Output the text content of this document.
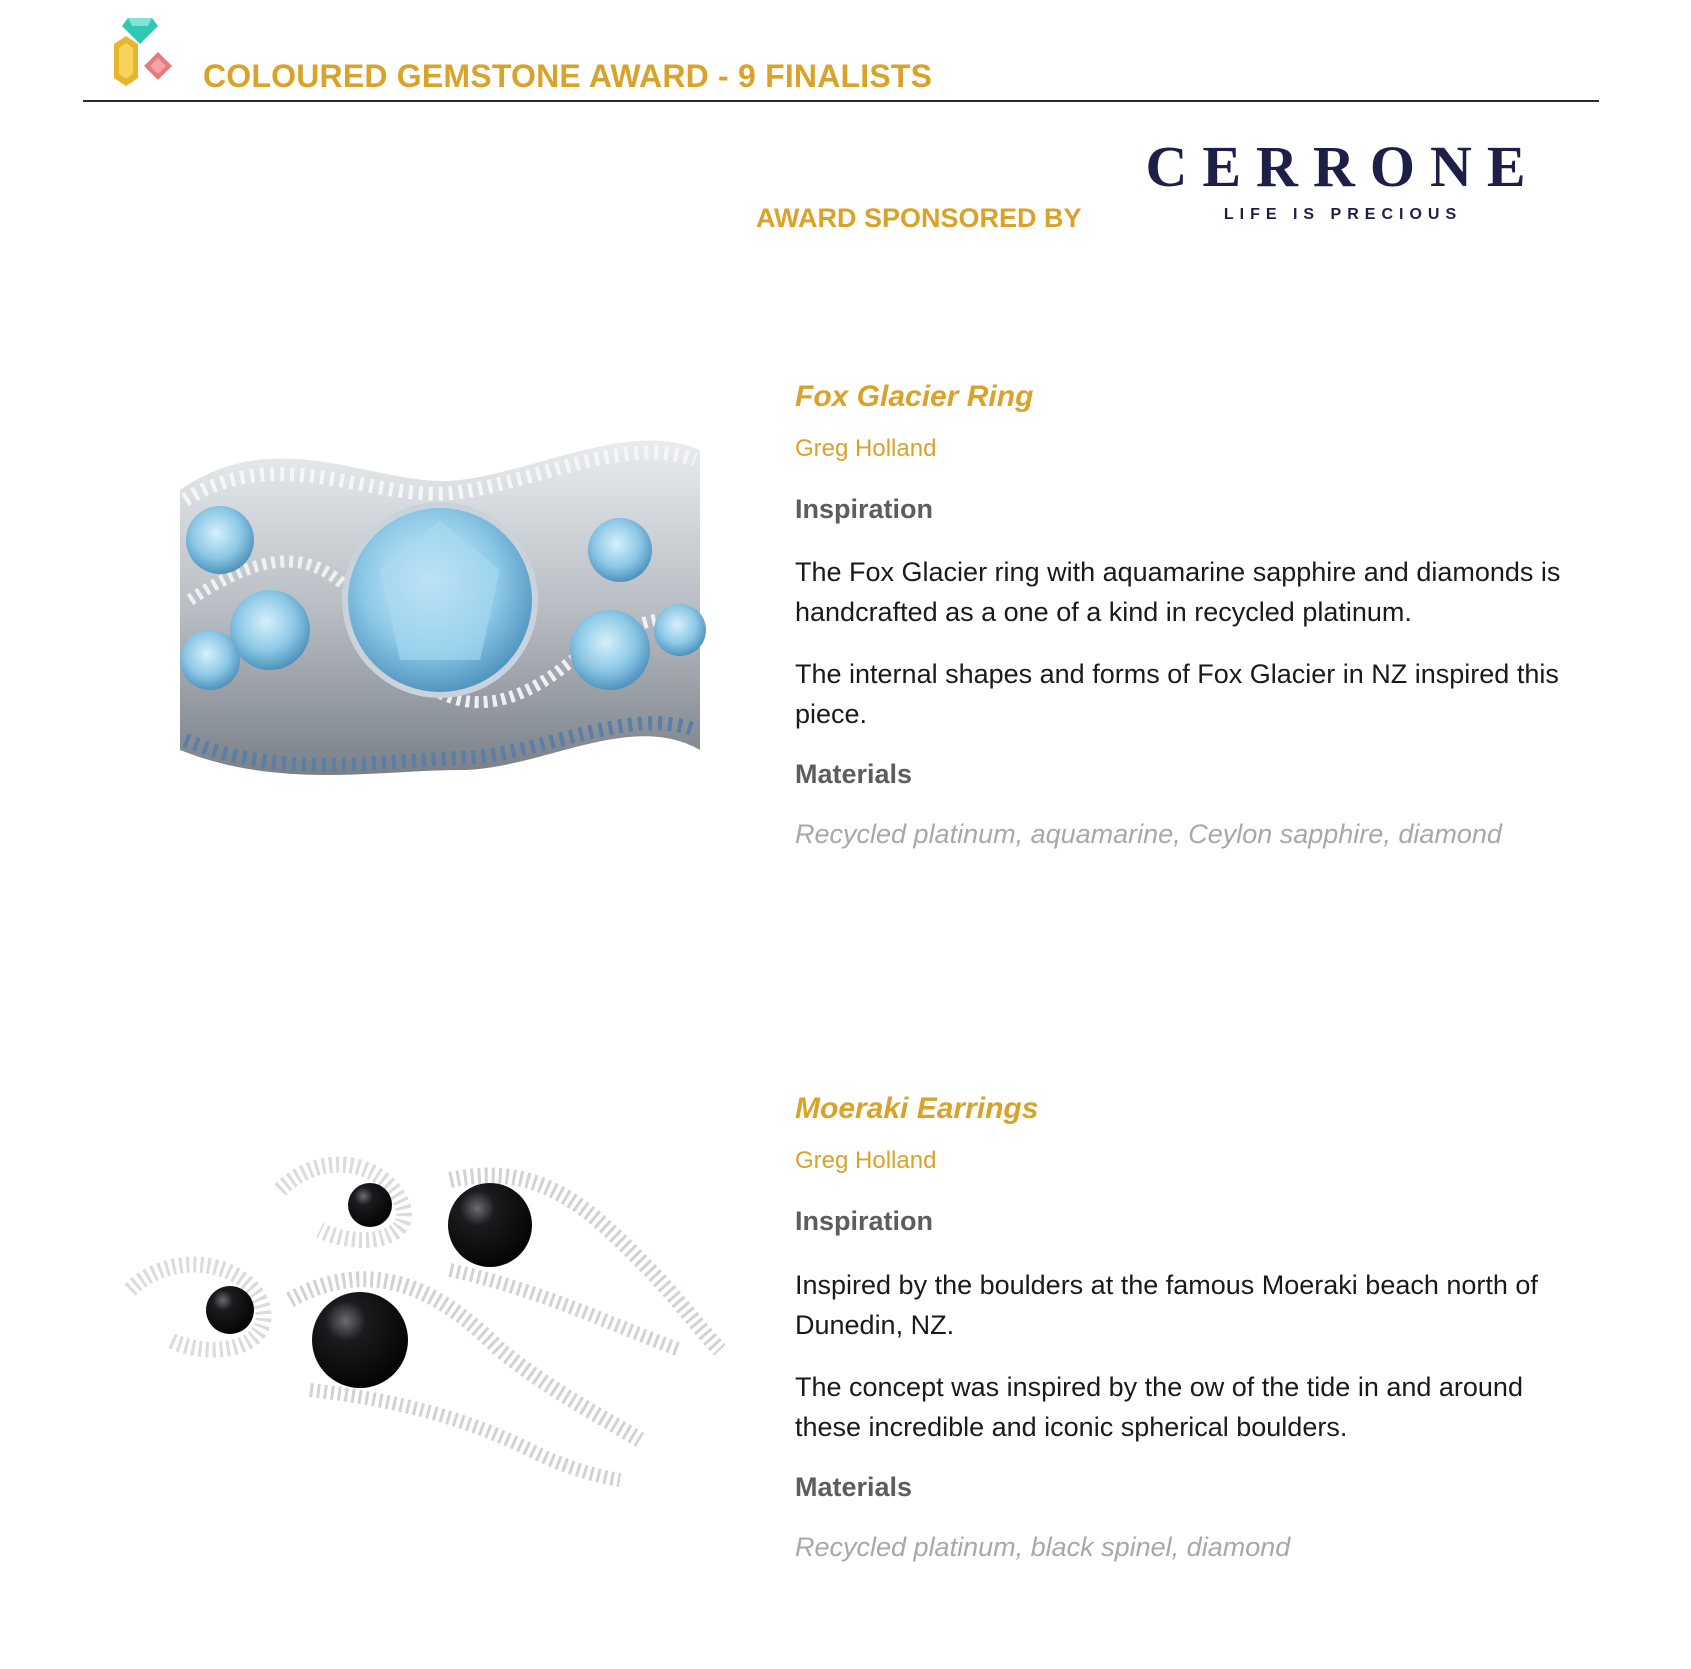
COLOURED GEMSTONE AWARD - 9 FINALISTS
AWARD SPONSORED BY
CERRONE
LIFE IS PRECIOUS
Fox Glacier Ring
Greg Holland
Inspiration
The Fox Glacier ring with aquamarine sapphire and diamonds is handcrafted as a one of a kind in recycled platinum.
The internal shapes and forms of Fox Glacier in NZ inspired this piece.
Materials
Recycled platinum, aquamarine, Ceylon sapphire, diamond
Moeraki Earrings
Greg Holland
Inspiration
Inspired by the boulders at the famous Moeraki beach north of Dunedin, NZ.
The concept was inspired by the ow of the tide in and around these incredible and iconic spherical boulders.
Materials
Recycled platinum, black spinel, diamond
